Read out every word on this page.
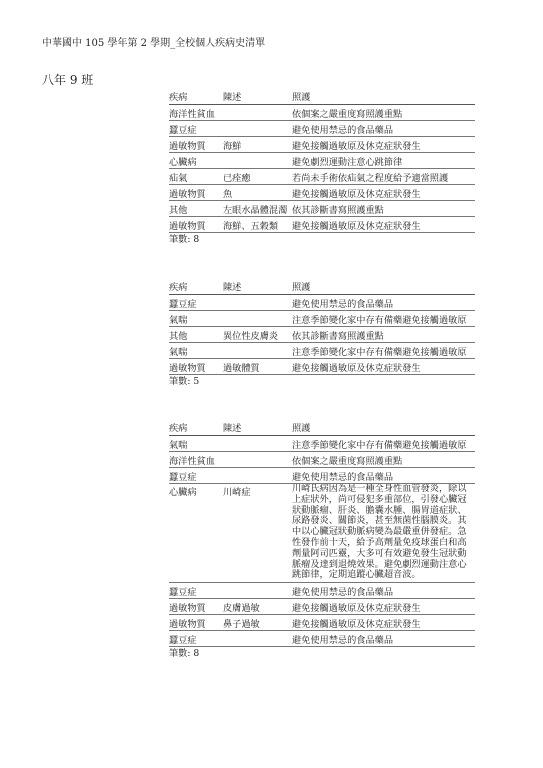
中華國中 105 學年第 2 學期_全校個人疾病史清單
八年 9 班
疾病	陳述	照護
海洋性貧血		依個案之嚴重度寫照護重點
蠶豆症		避免使用禁忌的食品藥品
過敏物質	海鮮	避免接觸過敏原及休克症狀發生
心臟病		避免劇烈運動注意心跳節律
疝氣	已痊癒	若尚未手術依疝氣之程度給予適當照護
過敏物質	魚	避免接觸過敏原及休克症狀發生
其他	左眼水晶體混濁	依其診斷書寫照護重點
過敏物質	海鮮、五穀類	避免接觸過敏原及休克症狀發生
筆數: 8
疾病	陳述	照護
蠶豆症		避免使用禁忌的食品藥品
氣喘		注意季節變化家中存有備藥避免接觸過敏原
其他	異位性皮膚炎	依其診斷書寫照護重點
氣喘		注意季節變化家中存有備藥避免接觸過敏原
過敏物質	過敏體質	避免接觸過敏原及休克症狀發生
筆數: 5
疾病	陳述	照護
氣喘		注意季節變化家中存有備藥避免接觸過敏原
海洋性貧血		依個案之嚴重度寫照護重點
蠶豆症		避免使用禁忌的食品藥品
心臟病	川崎症	川崎氏病因為是一種全身性血管發炎，除以上症狀外，尚可侵犯多重部位，引發心臟冠狀動脈瘤、肝炎、膽囊水腫、腸胃道症狀、尿路發炎、關節炎，甚至無菌性腦膜炎。其中以心臟冠狀動脈病變為最嚴重併發症。急性發作前十天，給予高劑量免疫球蛋白和高劑量阿司匹靈，大多可有效避免發生冠狀動脈瘤及達到退燒效果。避免劇烈運動注意心跳節律，定期追蹤心臟超音波。
蠶豆症		避免使用禁忌的食品藥品
過敏物質	皮膚過敏	避免接觸過敏原及休克症狀發生
過敏物質	鼻子過敏	避免接觸過敏原及休克症狀發生
蠶豆症		避免使用禁忌的食品藥品
筆數: 8
